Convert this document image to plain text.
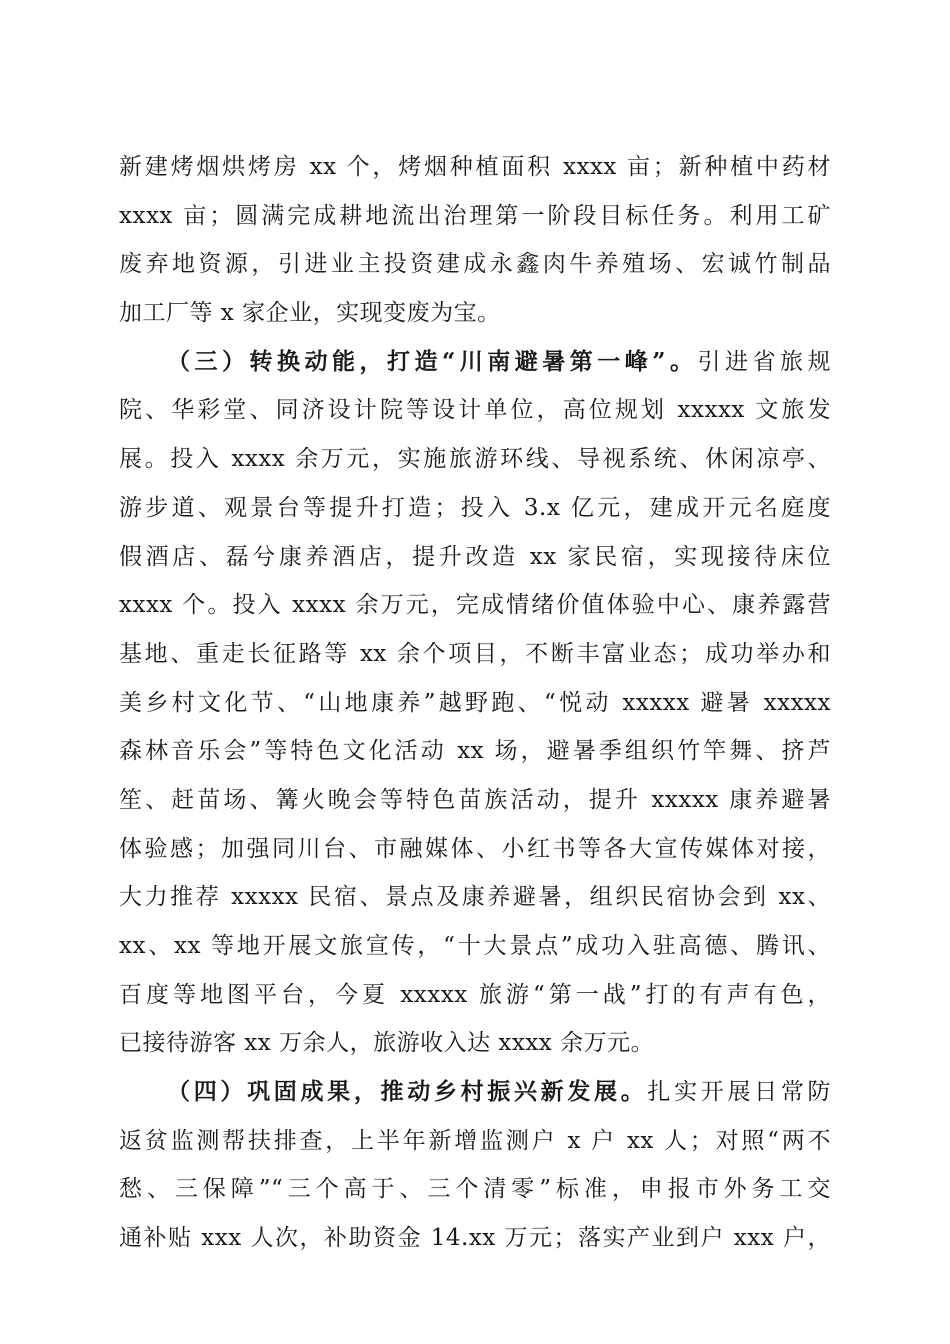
新建烤烟烘烤房 xx 个，烤烟种植面积 xxxx 亩；新种植中药材
xxxx 亩；圆满完成耕地流出治理第一阶段目标任务。利用工矿
废弃地资源，引进业主投资建成永鑫肉牛养殖场、宏诚竹制品
加工厂等 x 家企业，实现变废为宝。
（三）转换动能，打造“川南避暑第一峰”。引进省旅规
院、华彩堂、同济设计院等设计单位，高位规划 xxxxx 文旅发
展。投入 xxxx 余万元，实施旅游环线、导视系统、休闲凉亭、
游步道、观景台等提升打造；投入 3.x 亿元，建成开元名庭度
假酒店、磊兮康养酒店，提升改造 xx 家民宿，实现接待床位
xxxx 个。投入 xxxx 余万元，完成情绪价值体验中心、康养露营
基地、重走长征路等 xx 余个项目，不断丰富业态；成功举办和
美乡村文化节、“山地康养”越野跑、“悦动 xxxxx 避暑 xxxxx
森林音乐会”等特色文化活动 xx 场，避暑季组织竹竿舞、挤芦
笙、赶苗场、篝火晚会等特色苗族活动，提升 xxxxx 康养避暑
体验感；加强同川台、市融媒体、小红书等各大宣传媒体对接，
大力推荐 xxxxx 民宿、景点及康养避暑，组织民宿协会到 xx、
xx、xx 等地开展文旅宣传，“十大景点”成功入驻高德、腾讯、
百度等地图平台，今夏 xxxxx 旅游“第一战”打的有声有色，
已接待游客 xx 万余人，旅游收入达 xxxx 余万元。
（四）巩固成果，推动乡村振兴新发展。扎实开展日常防
返贫监测帮扶排查，上半年新增监测户 x 户 xx 人；对照“两不
愁、三保障”“三个高于、三个清零”标准，申报市外务工交
通补贴 xxx 人次，补助资金 14.xx 万元；落实产业到户 xxx 户，
